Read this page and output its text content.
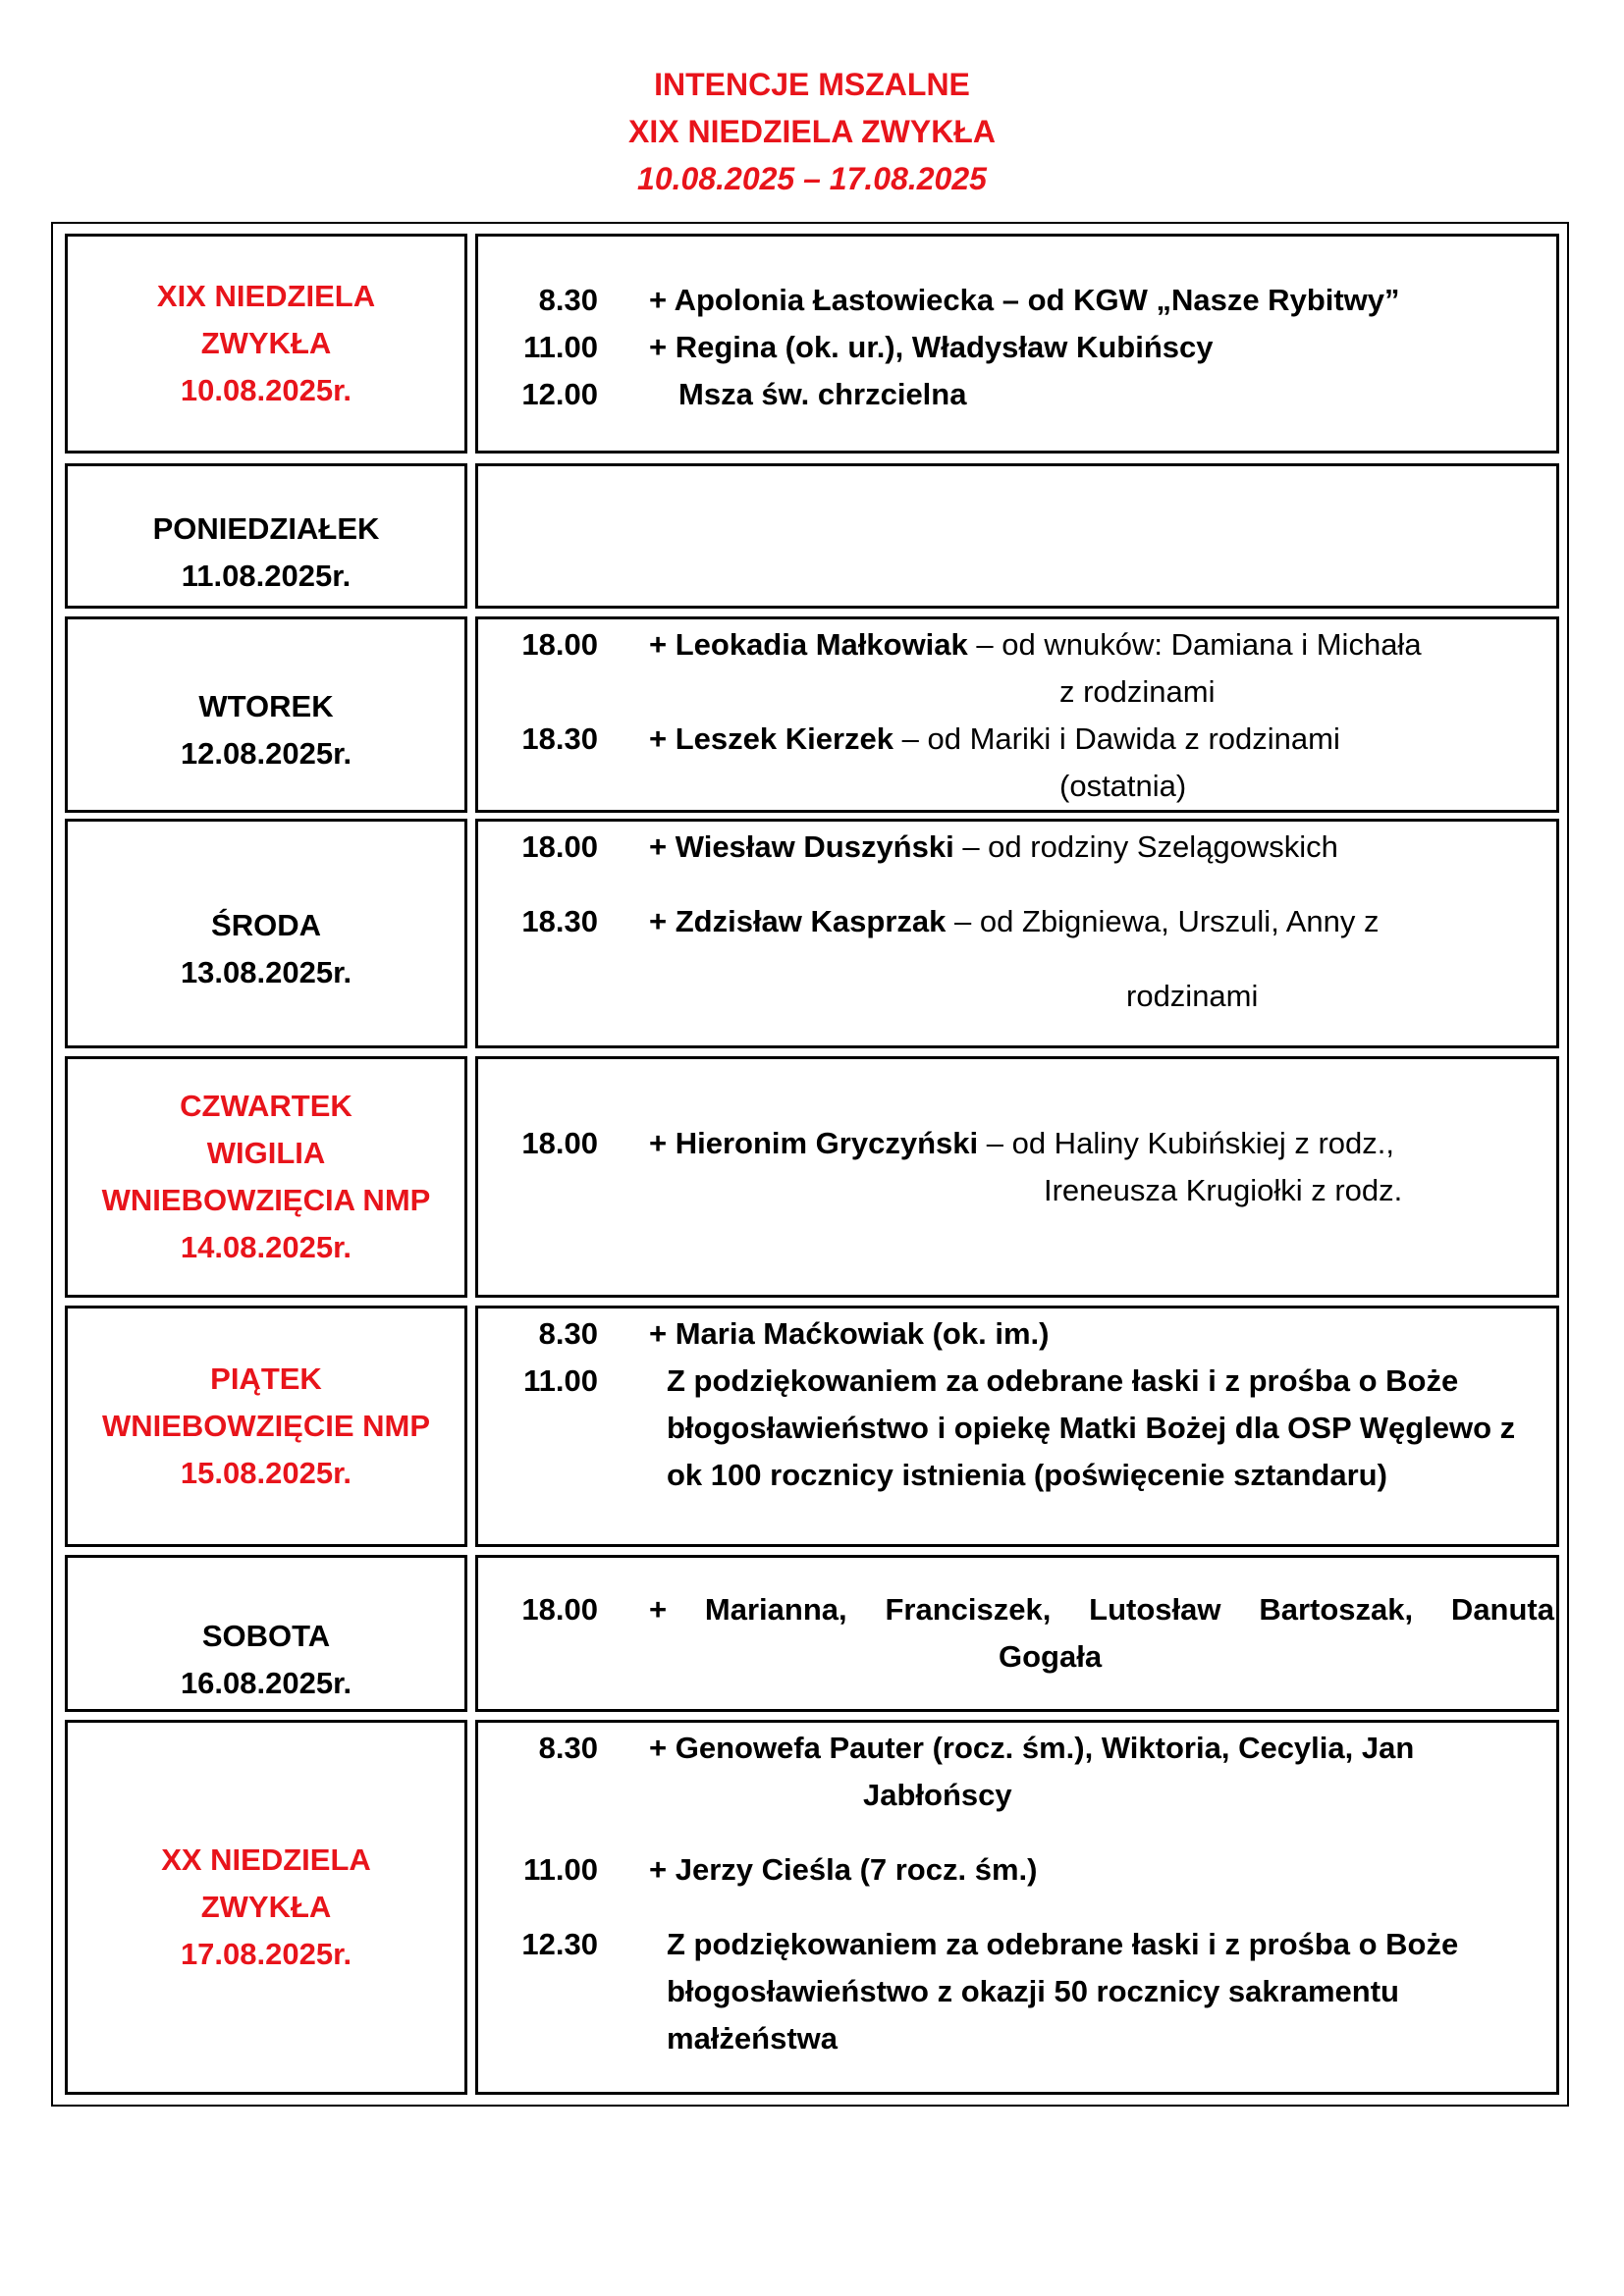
INTENCJE MSZALNE
XIX NIEDZIELA ZWYKŁA
10.08.2025 – 17.08.2025
XIX NIEDZIELA
ZWYKŁA
10.08.2025r.
8.30 + Apolonia Łastowiecka – od KGW „Nasze Rybitwy”
11.00 + Regina (ok. ur.), Władysław Kubińscy
12.00	Msza św. chrzcielna
PONIEDZIAŁEK
11.08.2025r.
WTOREK
12.08.2025r.
18.00 + Leokadia Małkowiak – od wnuków: Damiana i Michała
z rodzinami
18.30 + Leszek Kierzek – od Mariki i Dawida z rodzinami
(ostatnia)
ŚRODA
13.08.2025r.
18.00 + Wiesław Duszyński – od rodziny Szelągowskich
18.30 + Zdzisław Kasprzak – od Zbigniewa, Urszuli, Anny z
rodzinami
CZWARTEK
WIGILIA
WNIEBOWZIĘCIA NMP
14.08.2025r.
18.00 + Hieronim Gryczyński – od Haliny Kubińskiej z rodz.,
Ireneusza Krugiołki z rodz.
PIĄTEK
WNIEBOWZIĘCIE NMP
15.08.2025r.
8.30 + Maria Maćkowiak (ok. im.)
11.00 Z podziękowaniem za odebrane łaski i z prośba o Boże błogosławieństwo i opiekę Matki Bożej dla OSP Węglewo z ok 100 rocznicy istnienia (poświęcenie sztandaru)
SOBOTA
16.08.2025r.
18.00 + Marianna, Franciszek, Lutosław Bartoszak, Danuta
Gogała
XX NIEDZIELA
ZWYKŁA
17.08.2025r.
8.30 + Genowefa Pauter (rocz. śm.), Wiktoria, Cecylia, Jan
Jabłońscy
11.00 + Jerzy Cieśla (7 rocz. śm.)
12.30 Z podziękowaniem za odebrane łaski i z prośba o Boże błogosławieństwo z okazji 50 rocznicy sakramentu małżeństwa
